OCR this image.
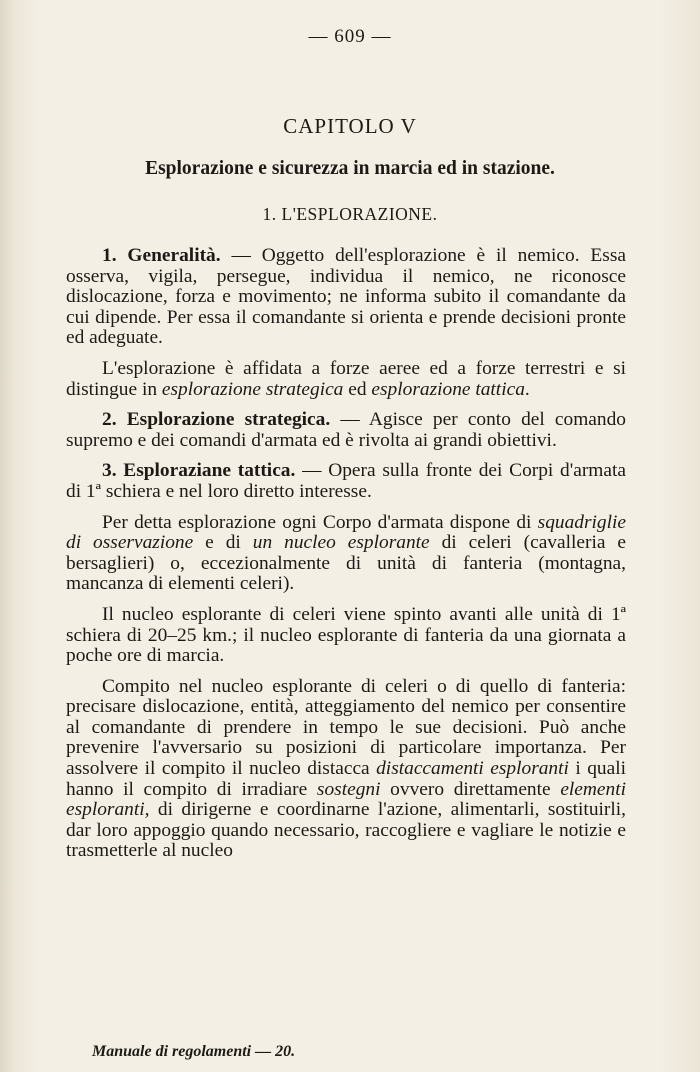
— 609 —
CAPITOLO V
Esplorazione e sicurezza in marcia ed in stazione.
1. L'ESPLORAZIONE.

1. Generalità. — Oggetto dell'esplorazione è il nemico. Essa osserva, vigila, persegue, individua il nemico, ne riconosce dislocazione, forza e movimento; ne informa subito il comandante da cui dipende. Per essa il comandante si orienta e prende decisioni pronte ed adeguate.

L'esplorazione è affidata a forze aeree ed a forze terrestri e si distingue in esplorazione strategica ed esplorazione tattica.

2. Esplorazione strategica. — Agisce per conto del comando supremo e dei comandi d'armata ed è rivolta ai grandi obiettivi.

3. Esploraziane tattica. — Opera sulla fronte dei Corpi d'armata di 1ª schiera e nel loro diretto interesse.

Per detta esplorazione ogni Corpo d'armata dispone di squadriglie di osservazione e di un nucleo esplorante di celeri (cavalleria e bersaglieri) o, eccezionalmente di unità di fanteria (montagna, mancanza di elementi celeri).

Il nucleo esplorante di celeri viene spinto avanti alle unità di 1ª schiera di 20–25 km.; il nucleo esplorante di fanteria da una giornata a poche ore di marcia.

Compito nel nucleo esplorante di celeri o di quello di fanteria: precisare dislocazione, entità, atteggiamento del nemico per consentire al comandante di prendere in tempo le sue decisioni. Può anche prevenire l'avversario su posizioni di particolare importanza. Per assolvere il compito il nucleo distacca distaccamenti esploranti i quali hanno il compito di irradiare sostegni ovvero direttamente elementi esploranti, di dirigerne e coordinarne l'azione, alimentarli, sostituirli, dar loro appoggio quando necessario, raccogliere e vagliare le notizie e trasmetterle al nucleo

Manuale di regolamenti — 20.
